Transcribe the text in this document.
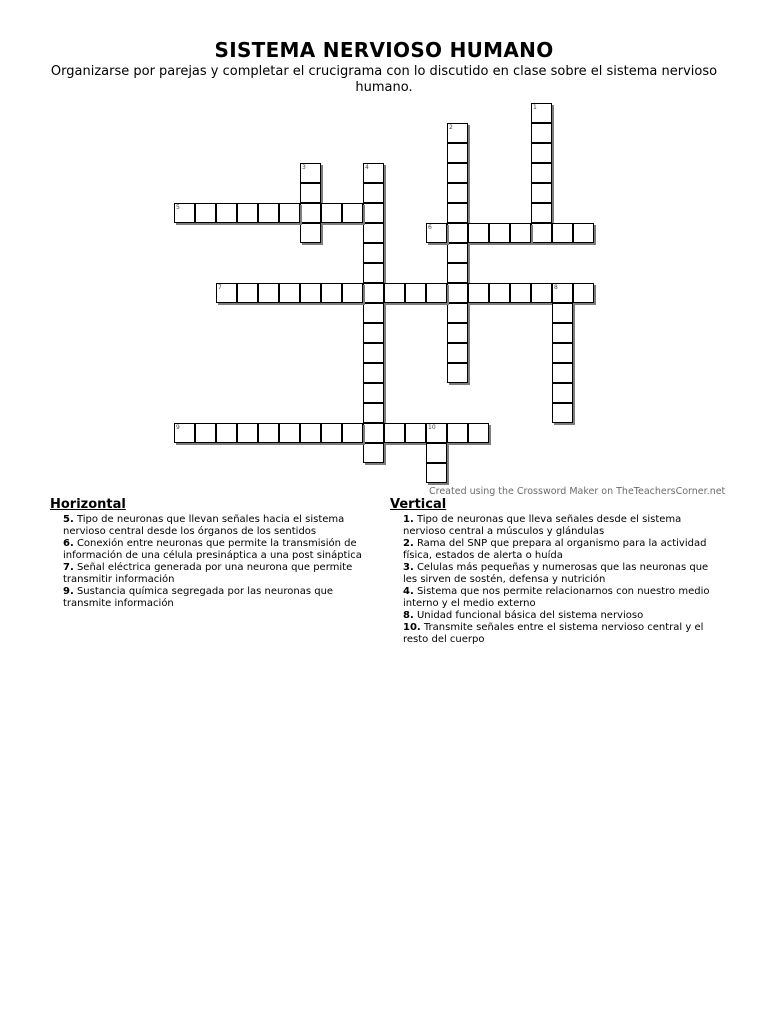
SISTEMA NERVIOSO HUMANO
Organizarse por parejas y completar el crucigrama con lo discutido en clase sobre el sistema nervioso humano.
1
2
3	4
5
6
7	8
9	10
Created using the Crossword Maker on TheTeachersCorner.net
Horizontal

5. Tipo de neuronas que llevan señales hacia el sistema nervioso central desde los órganos de los sentidos

6. Conexión entre neuronas que permite la transmisión de información de una célula presináptica a una post sináptica

7. Señal eléctrica generada por una neurona que permite transmitir información

9. Sustancia química segregada por las neuronas que transmite información

Vertical

1. Tipo de neuronas que lleva señales desde el sistema nervioso central a músculos y glándulas

2. Rama del SNP que prepara al organismo para la actividad física, estados de alerta o huída

3. Celulas más pequeñas y numerosas que las neuronas que les sirven de sostén, defensa y nutrición

4. Sistema que nos permite relacionarnos con nuestro medio interno y el medio externo

8. Unidad funcional básica del sistema nervioso

10. Transmite señales entre el sistema nervioso central y el resto del cuerpo
